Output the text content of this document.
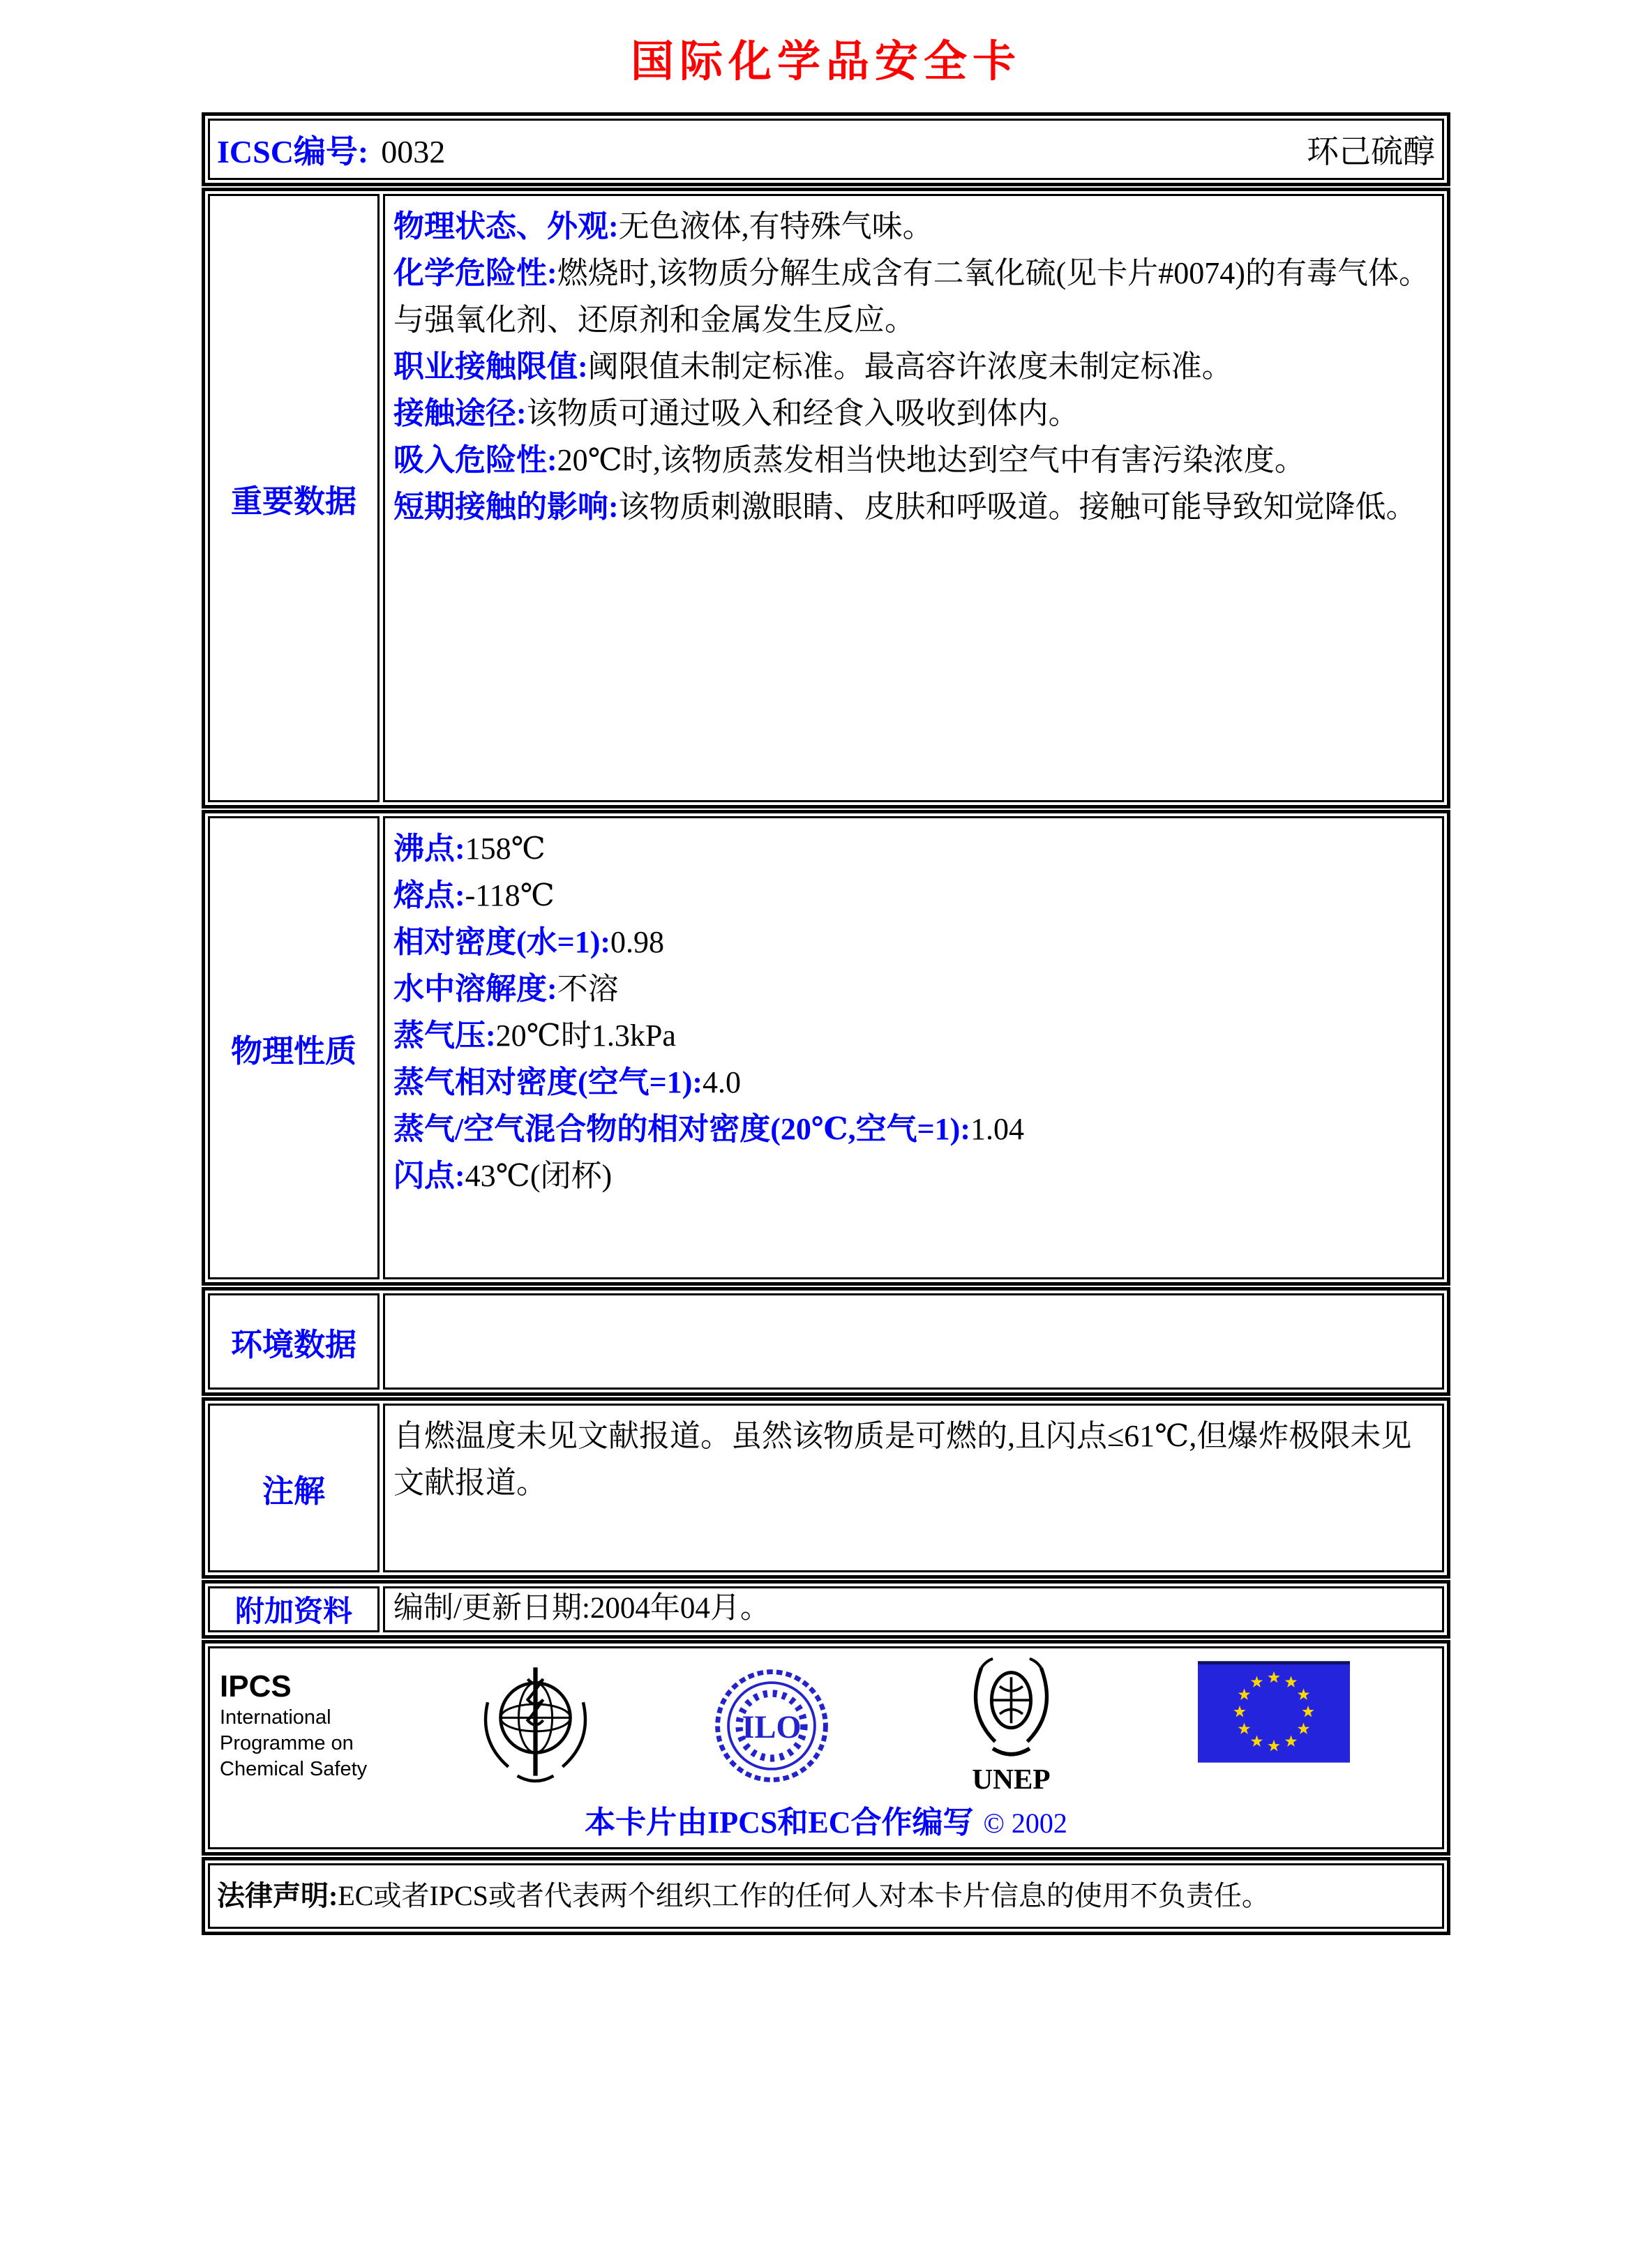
国际化学品安全卡
ICSC编号: 0032	环己硫醇
重要数据
物理状态、外观:无色液体,有特殊气味。
化学危险性:燃烧时,该物质分解生成含有二氧化硫(见卡片#0074)的有毒气体。与强氧化剂、还原剂和金属发生反应。
职业接触限值:阈限值未制定标准。最高容许浓度未制定标准。
接触途径:该物质可通过吸入和经食入吸收到体内。
吸入危险性:20℃时,该物质蒸发相当快地达到空气中有害污染浓度。
短期接触的影响:该物质刺激眼睛、皮肤和呼吸道。接触可能导致知觉降低。
物理性质
沸点:158℃
熔点:-118℃
相对密度(水=1):0.98
水中溶解度:不溶
蒸气压:20℃时1.3kPa
蒸气相对密度(空气=1):4.0
蒸气/空气混合物的相对密度(20℃,空气=1):1.04
闪点:43℃(闭杯)
环境数据
注解
自燃温度未见文献报道。虽然该物质是可燃的,且闪点≤61℃,但爆炸极限未见文献报道。
附加资料	编制/更新日期:2004年04月。
IPCS
International
Programme on
Chemical Safety
ILO
UNEP
本卡片由IPCS和EC合作编写 © 2002
法律声明:EC或者IPCS或者代表两个组织工作的任何人对本卡片信息的使用不负责任。
